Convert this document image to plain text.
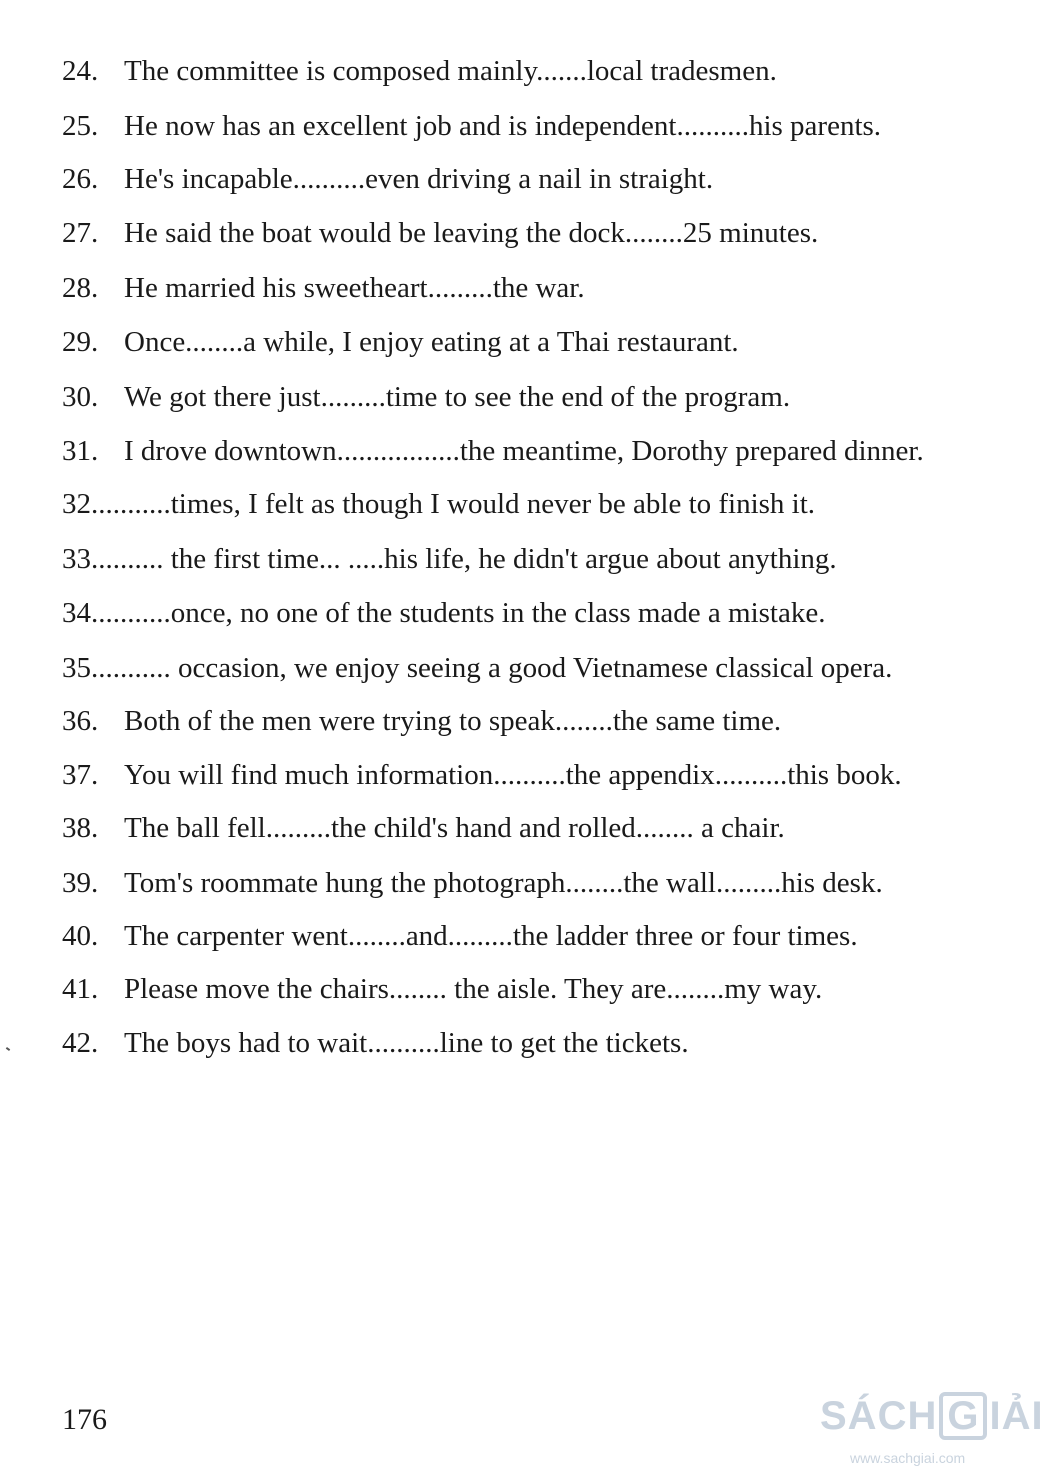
24. The committee is composed mainly.......local tradesmen.
25. He now has an excellent job and is independent..........his parents.
26. He's incapable..........even driving a nail in straight.
27. He said the boat would be leaving the dock........25 minutes.
28. He married his sweetheart.........the war.
29. Once........a while, I enjoy eating at a Thai restaurant.
30. We got there just.........time to see the end of the program.
31. I drove downtown.................the meantime, Dorothy prepared dinner.
32...........times, I felt as though I would never be able to finish it.
33.......... the first time... .....his life, he didn't argue about anything.
34...........once, no one of the students in the class made a mistake.
35........... occasion, we enjoy seeing a good Vietnamese classical opera.
36. Both of the men were trying to speak........the same time.
37. You will find much information..........the appendix..........this book.
38. The ball fell.........the child's hand and rolled........ a chair.
39. Tom's roommate hung the photograph........the wall.........his desk.
40. The carpenter went........and.........the ladder three or four times.
41. Please move the chairs........ the aisle. They are........my way.
42. The boys had to wait..........line to get the tickets.
176	SÁCH G IẢI
www.sachgiai.com
